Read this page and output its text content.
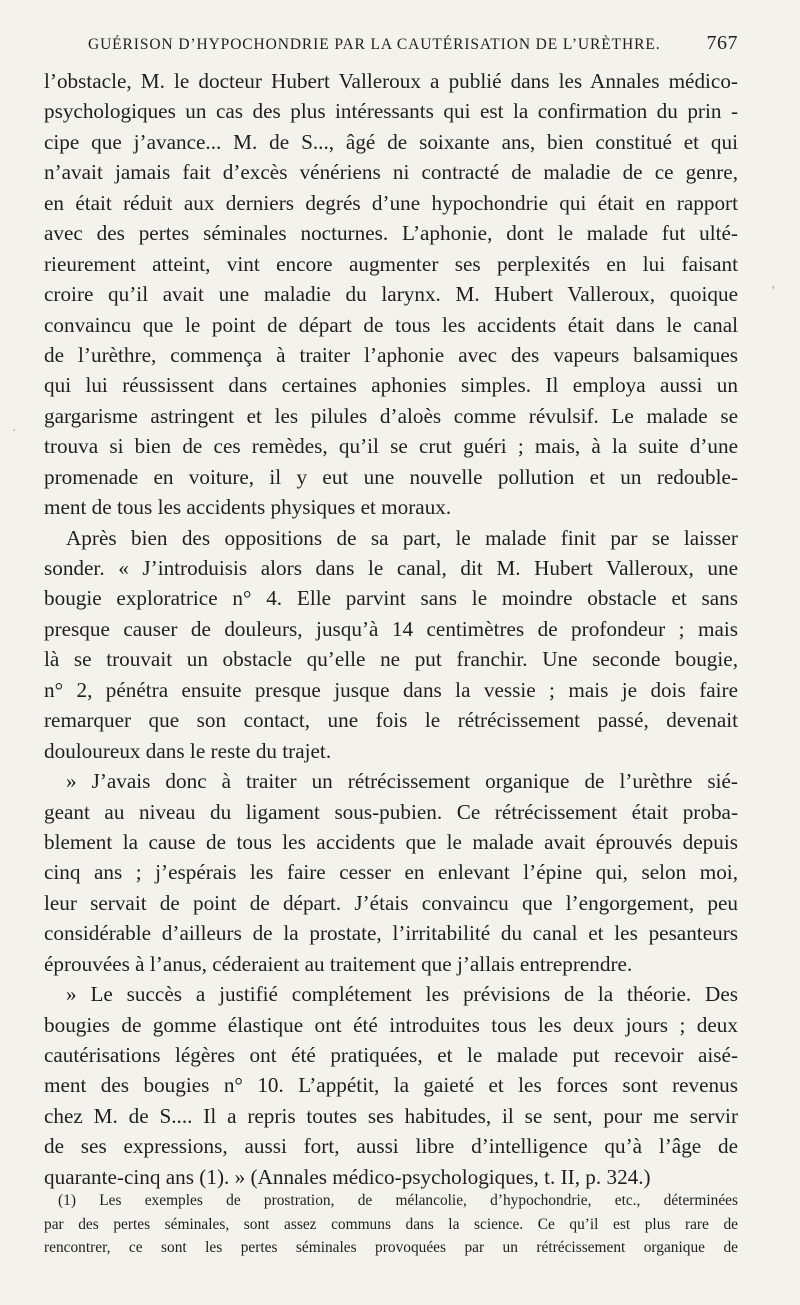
GUÉRISON D’HYPOCHONDRIE PAR LA CAUTÉRISATION DE L’URÈTHRE. 767
l’obstacle, M. le docteur Hubert Valleroux a publié dans les Annales médico-
psychologiques un cas des plus intéressants qui est la confirmation du prin -
cipe que j’avance... M. de S..., âgé de soixante ans, bien constitué et qui
n’avait jamais fait d’excès vénériens ni contracté de maladie de ce genre,
en était réduit aux derniers degrés d’une hypochondrie qui était en rapport
avec des pertes séminales nocturnes. L’aphonie, dont le malade fut ulté-
rieurement atteint, vint encore augmenter ses perplexités en lui faisant
croire qu’il avait une maladie du larynx. M. Hubert Valleroux, quoique
convaincu que le point de départ de tous les accidents était dans le canal
de l’urèthre, commença à traiter l’aphonie avec des vapeurs balsamiques
qui lui réussissent dans certaines aphonies simples. Il employa aussi un
gargarisme astringent et les pilules d’aloès comme révulsif. Le malade se
trouva si bien de ces remèdes, qu’il se crut guéri ; mais, à la suite d’une
promenade en voiture, il y eut une nouvelle pollution et un redouble-
ment de tous les accidents physiques et moraux.
Après bien des oppositions de sa part, le malade finit par se laisser
sonder. « J’introduisis alors dans le canal, dit M. Hubert Valleroux, une
bougie exploratrice n° 4. Elle parvint sans le moindre obstacle et sans
presque causer de douleurs, jusqu’à 14 centimètres de profondeur ; mais
là se trouvait un obstacle qu’elle ne put franchir. Une seconde bougie,
n° 2, pénétra ensuite presque jusque dans la vessie ; mais je dois faire
remarquer que son contact, une fois le rétrécissement passé, devenait
douloureux dans le reste du trajet.
» J’avais donc à traiter un rétrécissement organique de l’urèthre sié-
geant au niveau du ligament sous-pubien. Ce rétrécissement était proba-
blement la cause de tous les accidents que le malade avait éprouvés depuis
cinq ans ; j’espérais les faire cesser en enlevant l’épine qui, selon moi,
leur servait de point de départ. J’étais convaincu que l’engorgement, peu
considérable d’ailleurs de la prostate, l’irritabilité du canal et les pesanteurs
éprouvées à l’anus, céderaient au traitement que j’allais entreprendre.
» Le succès a justifié complétement les prévisions de la théorie. Des
bougies de gomme élastique ont été introduites tous les deux jours ; deux
cautérisations légères ont été pratiquées, et le malade put recevoir aisé-
ment des bougies n° 10. L’appétit, la gaieté et les forces sont revenus
chez M. de S.... Il a repris toutes ses habitudes, il se sent, pour me servir
de ses expressions, aussi fort, aussi libre d’intelligence qu’à l’âge de
quarante-cinq ans (1). » (Annales médico-psychologiques, t. II, p. 324.)
(1) Les exemples de prostration, de mélancolie, d’hypochondrie, etc., déterminées
par des pertes séminales, sont assez communs dans la science. Ce qu’il est plus rare de
rencontrer, ce sont les pertes séminales provoquées par un rétrécissement organique de
'
·
